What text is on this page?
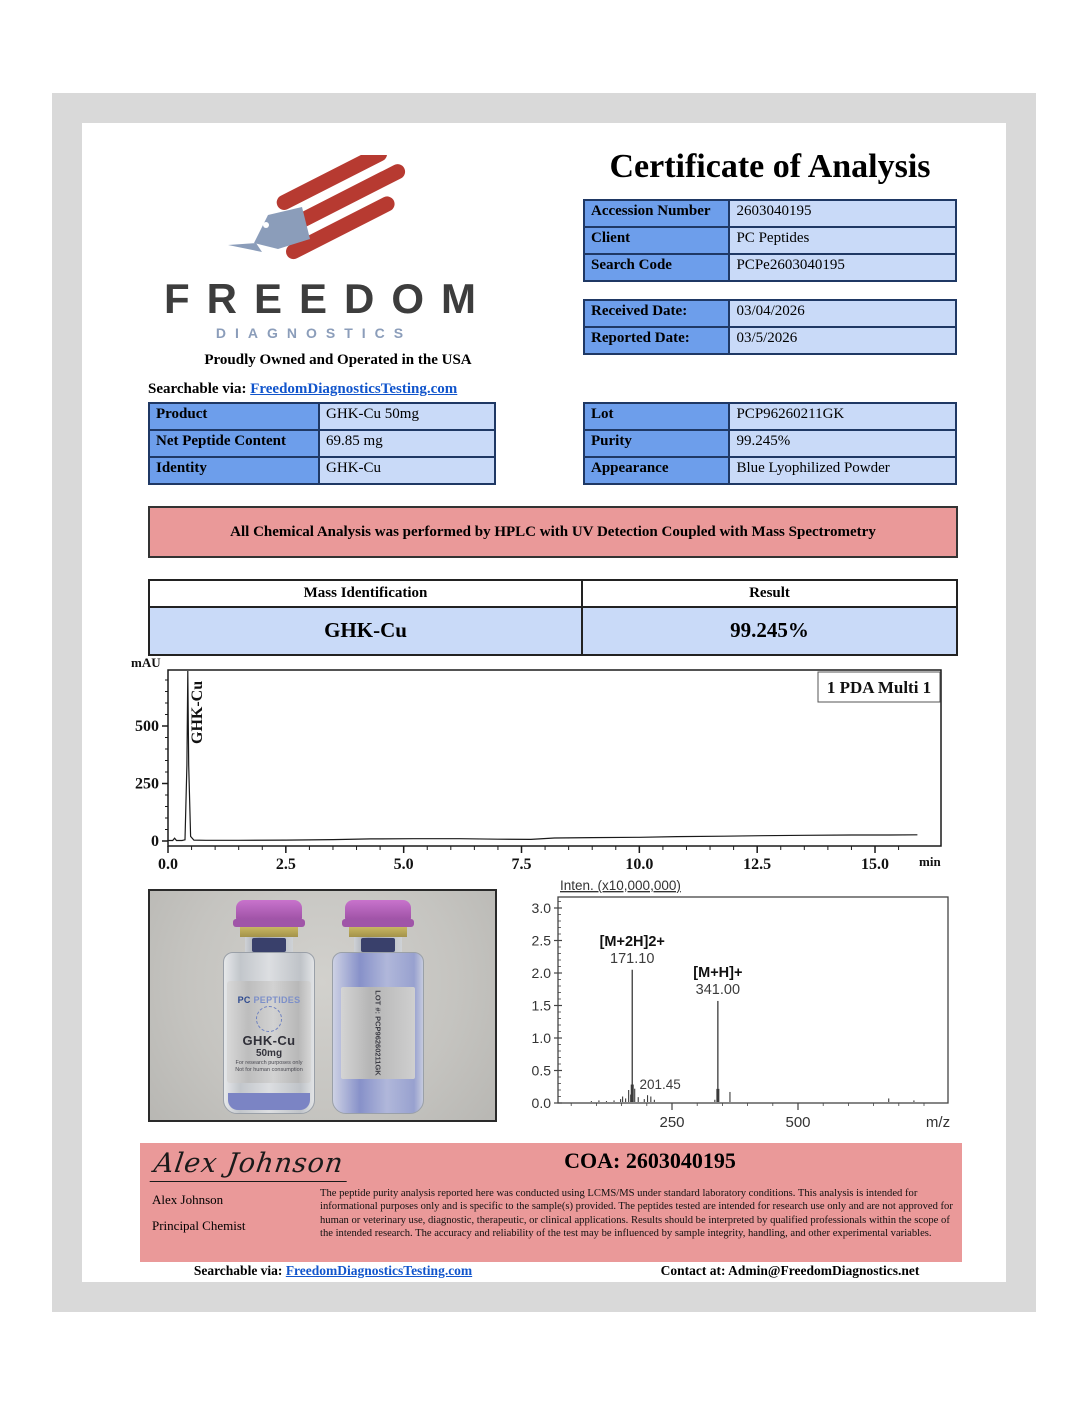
FREEDOM
DIAGNOSTICS
Proudly Owned and Operated in the USA
Searchable via: FreedomDiagnosticsTesting.com
Certificate of Analysis
Accession Number	2603040195
Client	PC Peptides
Search Code	PCPe2603040195
Received Date:	03/04/2026
Reported Date:	03/5/2026
Product	GHK-Cu 50mg
Net Peptide Content	69.85 mg
Identity	GHK-Cu
Lot	PCP96260211GK
Purity	99.245%
Appearance	Blue Lyophilized Powder
All Chemical Analysis was performed by HPLC with UV Detection Coupled with Mass Spectrometry
Mass Identification	Result
GHK-Cu	99.245%
0.0	2.5	5.0	7.5	10.0	12.5	15.0 min
0
250
500
mAU
GHK-Cu	1 PDA Multi 1
PC PEPTIDES
GHK-Cu
50mg
For research purposes only
Not for human consumption	LOT #: PCP96260211GK
0.0
0.5
1.0
1.5
2.0
2.5
3.0
250	500	m/z
Inten. (x10,000,000)
[M+2H]2+
171.10
201.45
[M+H]+
341.00
Alex Johnson
Alex Johnson
Principal Chemist
COA: 2603040195
The peptide purity analysis reported here was conducted using LCMS/MS under standard laboratory conditions. This analysis is intended for informational purposes only and is specific to the sample(s) provided. The peptides tested are intended for research use only and are not approved for human or veterinary use, diagnostic, therapeutic, or clinical applications. Results should be interpreted by qualified professionals within the scope of the intended research. The accuracy and reliability of the test may be influenced by sample integrity, handling, and other experimental variables.
Searchable via: FreedomDiagnosticsTesting.com	Contact at: Admin@FreedomDiagnostics.net
